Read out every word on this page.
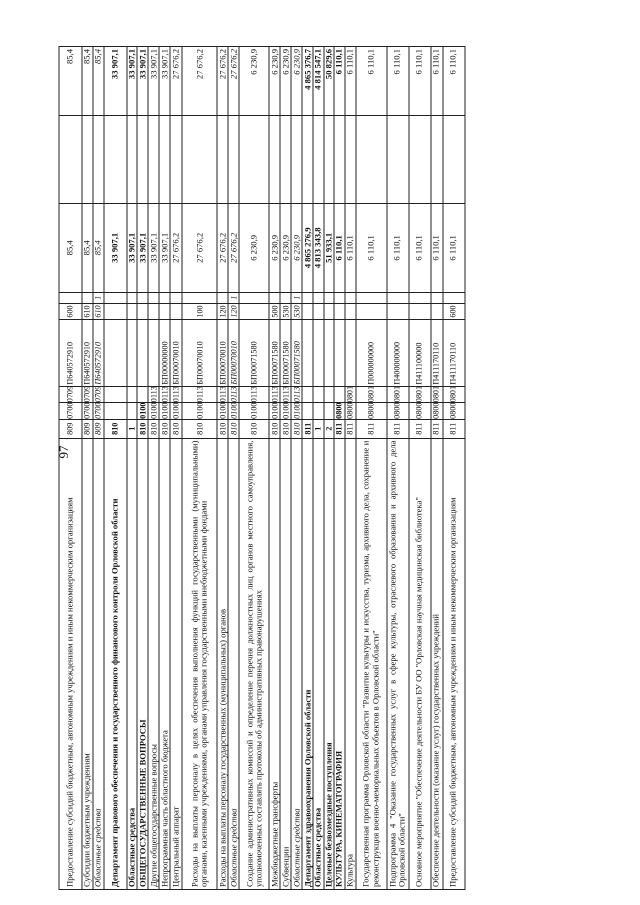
97
Предоставление субсидий бюджетным, автономным учреждениям и иным некоммерческим организациям	809	0700	0709	П640572910	600		85,4		85,4
Субсидии бюджетным учреждениям	809	0700	0709	П640572910	610		85,4		85,4
Областные средства	809	0700	0709	П640572910	610	1	85,4		85,4
Департамент правового обеспечения и государственного финансового контроля Орловской области	810						33 907,1		33 907,1
Областные средства	1						33 907,1		33 907,1
ОБЩЕГОСУДАРСТВЕННЫЕ ВОПРОСЫ	810	0100					33 907,1		33 907,1
Другие общегосударственные вопросы	810	0100	0113				33 907,1		33 907,1
Непрограммная часть областного бюджета	810	0100	0113	БП00000000			33 907,1		33 907,1
Центральный аппарат	810	0100	0113	БП00070010			27 676,2		27 676,2
Расходы на выплаты персоналу в целях обеспечения выполнения функций государственными (муниципальными) органами, казенными учреждениями, органами управления государственными внебюджетными фондами	810	0100	0113	БП00070010	100		27 676,2		27 676,2
Расходы на выплаты персоналу государственных (муниципальных) органов	810	0100	0113	БП00070010	120		27 676,2		27 676,2
Областные средства	810	0100	0113	БП00070010	120	1	27 676,2		27 676,2
Создание административных комиссий и определение перечня должностных лиц органов местного самоуправления, уполномоченных составлять протоколы об административных правонарушениях	810	0100	0113	БП00071580			6 230,9		6 230,9
Межбюджетные трансферты	810	0100	0113	БП00071580	500		6 230,9		6 230,9
Субвенции	810	0100	0113	БП00071580	530		6 230,9		6 230,9
Областные средства	810	0100	0113	БП00071580	530	1	6 230,9		6 230,9
Департамент здравоохранения Орловской области	811						4 865 276,9		4 865 376,7
Областные средства	1						4 813 343,8		4 814 547,1
Целевые безвозмездные поступления	2						51 933,1		50 829,6
КУЛЬТУРА, КИНЕМАТОГРАФИЯ	811	0800					6 110,1		6 110,1
Культура	811	0800	0801				6 110,1		6 110,1
Государственная программа Орловской области "Развитие культуры и искусства, туризма, архивного дела, сохранение и реконструкция военно-мемориальных объектов в Орловской области"	811	0800	0801	П000000000			6 110,1		6 110,1
Подпрограмма 4 "Оказание государственных услуг в сфере культуры, отраслевого образования и архивного дела Орловской области"	811	0800	0801	П400000000			6 110,1		6 110,1
Основное мероприятие "Обеспечение деятельности БУ ОО "Орловская научная медицинская библиотека"	811	0800	0801	П411100000			6 110,1		6 110,1
Обеспечение деятельности (оказание услуг) государственных учреждений	811	0800	0801	П411170110			6 110,1		6 110,1
Предоставление субсидий бюджетным, автономным учреждениям и иным некоммерческим организациям	811	0800	0801	П411170110	600		6 110,1		6 110,1
